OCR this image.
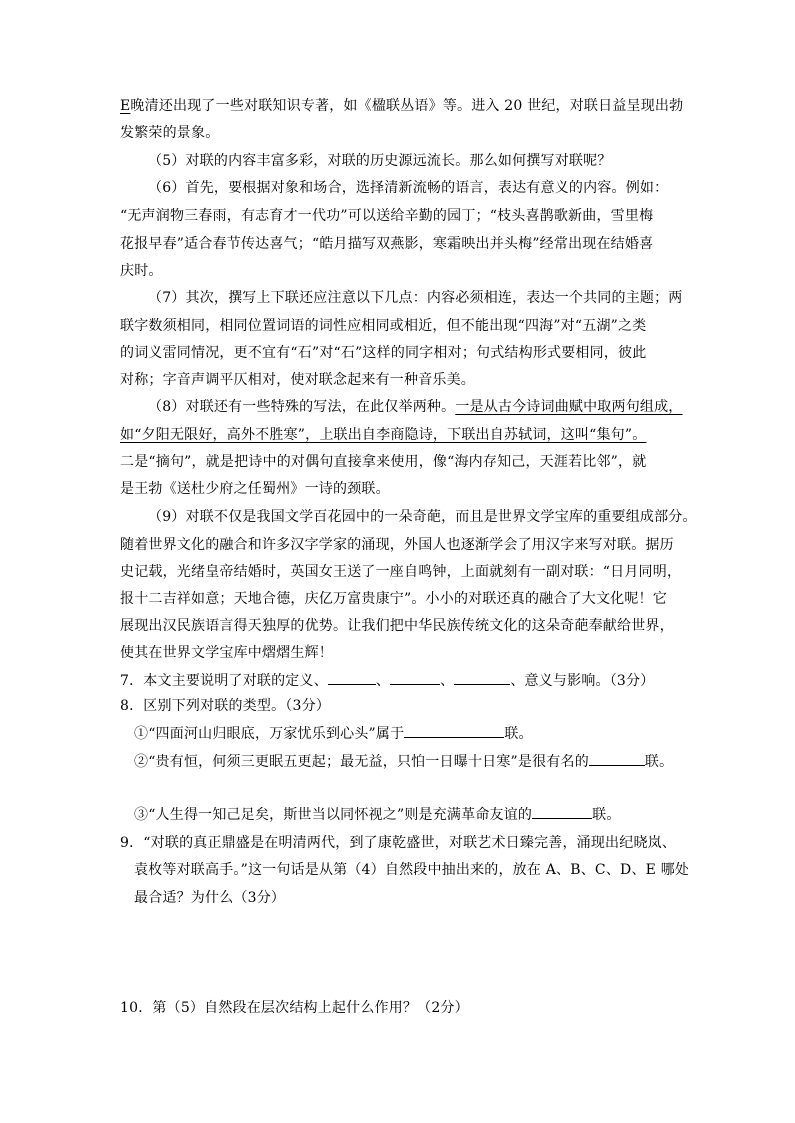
E晚清还出现了一些对联知识专著，如《楹联丛语》等。进入 20 世纪，对联日益呈现出勃
发繁荣的景象。
（5）对联的内容丰富多彩，对联的历史源远流长。那么如何撰写对联呢？
（6）首先，要根据对象和场合，选择清新流畅的语言，表达有意义的内容。例如：
“无声润物三春雨，有志育才一代功”可以送给辛勤的园丁；“枝头喜鹊歌新曲，雪里梅
花报早春”适合春节传达喜气；“皓月描写双燕影，寒霜映出并头梅”经常出现在结婚喜
庆时。
（7）其次，撰写上下联还应注意以下几点：内容必须相连，表达一个共同的主题；两
联字数须相同，相同位置词语的词性应相同或相近，但不能出现“四海”对“五湖”之类
的词义雷同情况，更不宜有“石”对“石”这样的同字相对；句式结构形式要相同，彼此
对称；字音声调平仄相对，使对联念起来有一种音乐美。
（8）对联还有一些特殊的写法，在此仅举两种。一是从古今诗词曲赋中取两句组成，
如“夕阳无限好，高外不胜寒”，上联出自李商隐诗，下联出自苏轼词，这叫“集句”。
二是“摘句”，就是把诗中的对偶句直接拿来使用，像“海内存知己，天涯若比邻”，就
是王勃《送杜少府之任蜀州》一诗的颈联。
（9）对联不仅是我国文学百花园中的一朵奇葩，而且是世界文学宝库的重要组成部分。
随着世界文化的融合和许多汉字学家的涌现，外国人也逐渐学会了用汉字来写对联。据历
史记载，光绪皇帝结婚时，英国女王送了一座自鸣钟，上面就刻有一副对联：“日月同明，
报十二吉祥如意；天地合德，庆亿万富贵康宁”。小小的对联还真的融合了大文化呢！它
展现出汉民族语言得天独厚的优势。让我们把中华民族传统文化的这朵奇葩奉献给世界，
使其在世界文学宝库中熠熠生辉！
7．本文主要说明了对联的定义、	、	、	、意义与影响。（3分）
8．区别下列对联的类型。（3分）
①“四面河山归眼底，万家忧乐到心头”属于	联。
②“贵有恒，何须三更眠五更起；最无益，只怕一日曝十日寒”是很有名的	联。
③“人生得一知己足矣，斯世当以同怀视之”则是充满革命友谊的	联。
9．“对联的真正鼎盛是在明清两代，到了康乾盛世，对联艺术日臻完善，涌现出纪晓岚、
袁枚等对联高手。”这一句话是从第（4）自然段中抽出来的，放在 A、B、C、D、E 哪处
最合适？为什么（3分）
10．第（5）自然段在层次结构上起什么作用？（2分）
